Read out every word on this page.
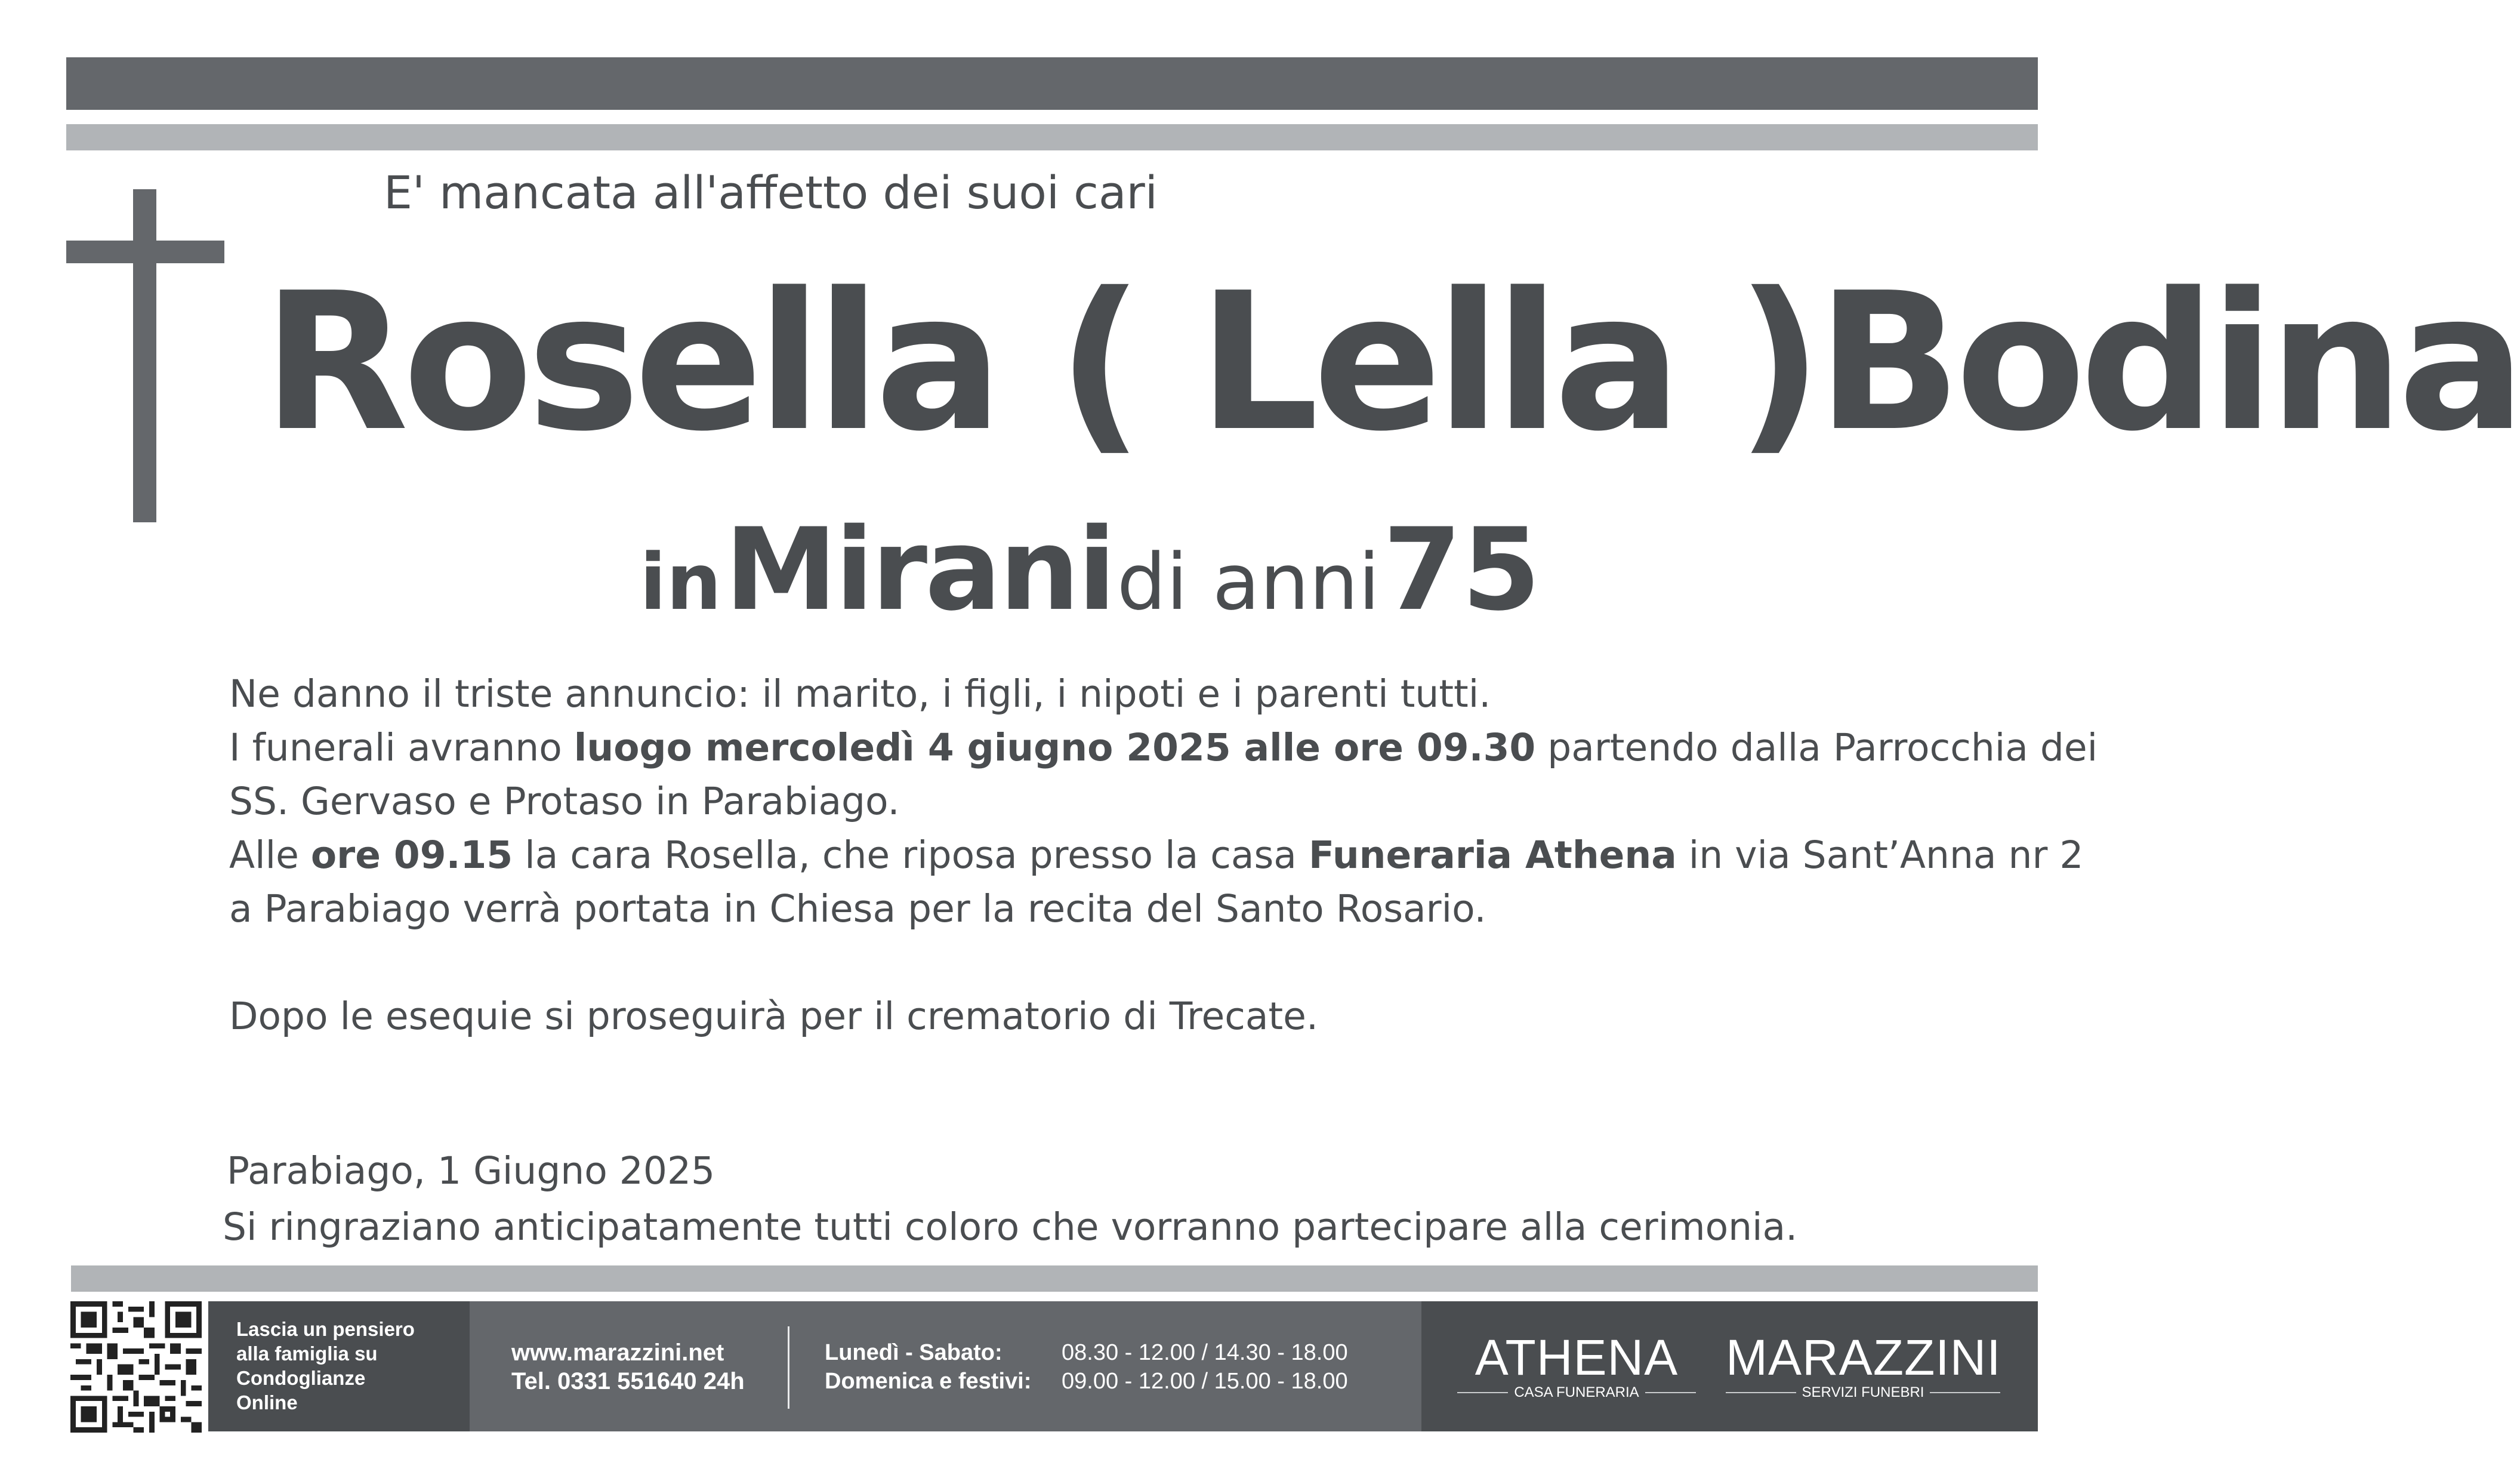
E' mancata all'affetto dei suoi cari
Rosella ( Lella )Bodina
in Mirani di anni 75

Ne danno il triste annuncio: il marito, i figli, i nipoti e i parenti tutti.

I funerali avranno luogo mercoledì 4 giugno 2025 alle ore 09.30 partendo dalla Parrocchia dei

SS. Gervaso e Protaso in Parabiago.

Alle ore 09.15 la cara Rosella, che riposa presso la casa Funeraria Athena in via Sant’Anna nr 2

a Parabiago verrà portata in Chiesa per la recita del Santo Rosario.

Dopo le esequie si proseguirà per il crematorio di Trecate.

Parabiago, 1 Giugno 2025
Si ringraziano anticipatamente tutti coloro che vorranno partecipare alla cerimonia.
Lascia un pensiero
alla famiglia su
Condoglianze
Online
www.marazzini.net
Tel. 0331 551640 24h
Lunedì - Sabato:	08.30 - 12.00 / 14.30 - 18.00
Domenica e festivi: 09.00 - 12.00 / 15.00 - 18.00	ATHENA
CASA FUNERARIA
MARAZZINI
SERVIZI FUNEBRI
